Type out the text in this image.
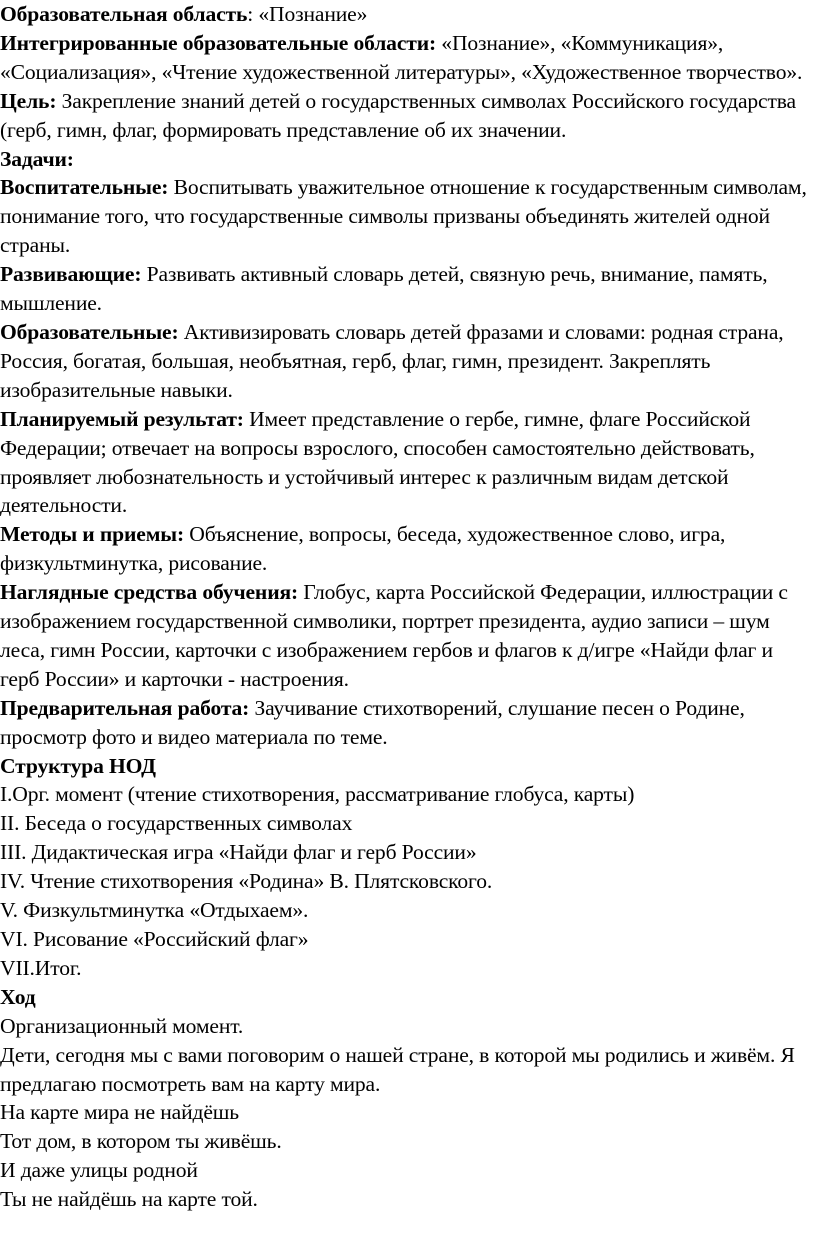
Образовательная область: «Познание»

Интегрированные образовательные области: «Познание», «Коммуникация», «Социализация», «Чтение художественной литературы», «Художественное творчество».

Цель: Закрепление знаний детей о государственных символах Российского государства (герб, гимн, флаг, формировать представление об их значении.

Задачи:

Воспитательные: Воспитывать уважительное отношение к государственным символам, понимание того, что государственные символы призваны объединять жителей одной страны.

Развивающие: Развивать активный словарь детей, связную речь, внимание, память, мышление.

Образовательные: Активизировать словарь детей фразами и словами: родная страна, Россия, богатая, большая, необъятная, герб, флаг, гимн, президент. Закреплять изобразительные навыки.

Планируемый результат: Имеет представление о гербе, гимне, флаге Российской Федерации; отвечает на вопросы взрослого, способен самостоятельно действовать, проявляет любознательность и устойчивый интерес к различным видам детской деятельности.

Методы и приемы: Объяснение, вопросы, беседа, художественное слово, игра, физкультминутка, рисование.

Наглядные средства обучения: Глобус, карта Российской Федерации, иллюстрации с изображением государственной символики, портрет президента, аудио записи – шум леса, гимн России, карточки с изображением гербов и флагов к д/игре «Найди флаг и герб России» и карточки - настроения.

Предварительная работа: Заучивание стихотворений, слушание песен о Родине, просмотр фото и видео материала по теме.

Структура НОД

I.Орг. момент (чтение стихотворения, рассматривание глобуса, карты)

II. Беседа о государственных символах

III. Дидактическая игра «Найди флаг и герб России»

IV. Чтение стихотворения «Родина» В. Плятсковского.

V. Физкультминутка «Отдыхаем».

VI. Рисование «Российский флаг»

VII.Итог.

Ход

Организационный момент.

Дети, сегодня мы с вами поговорим о нашей стране, в которой мы родились и живём. Я предлагаю посмотреть вам на карту мира.

На карте мира не найдёшь

Тот дом, в котором ты живёшь.

И даже улицы родной

Ты не найдёшь на карте той.
